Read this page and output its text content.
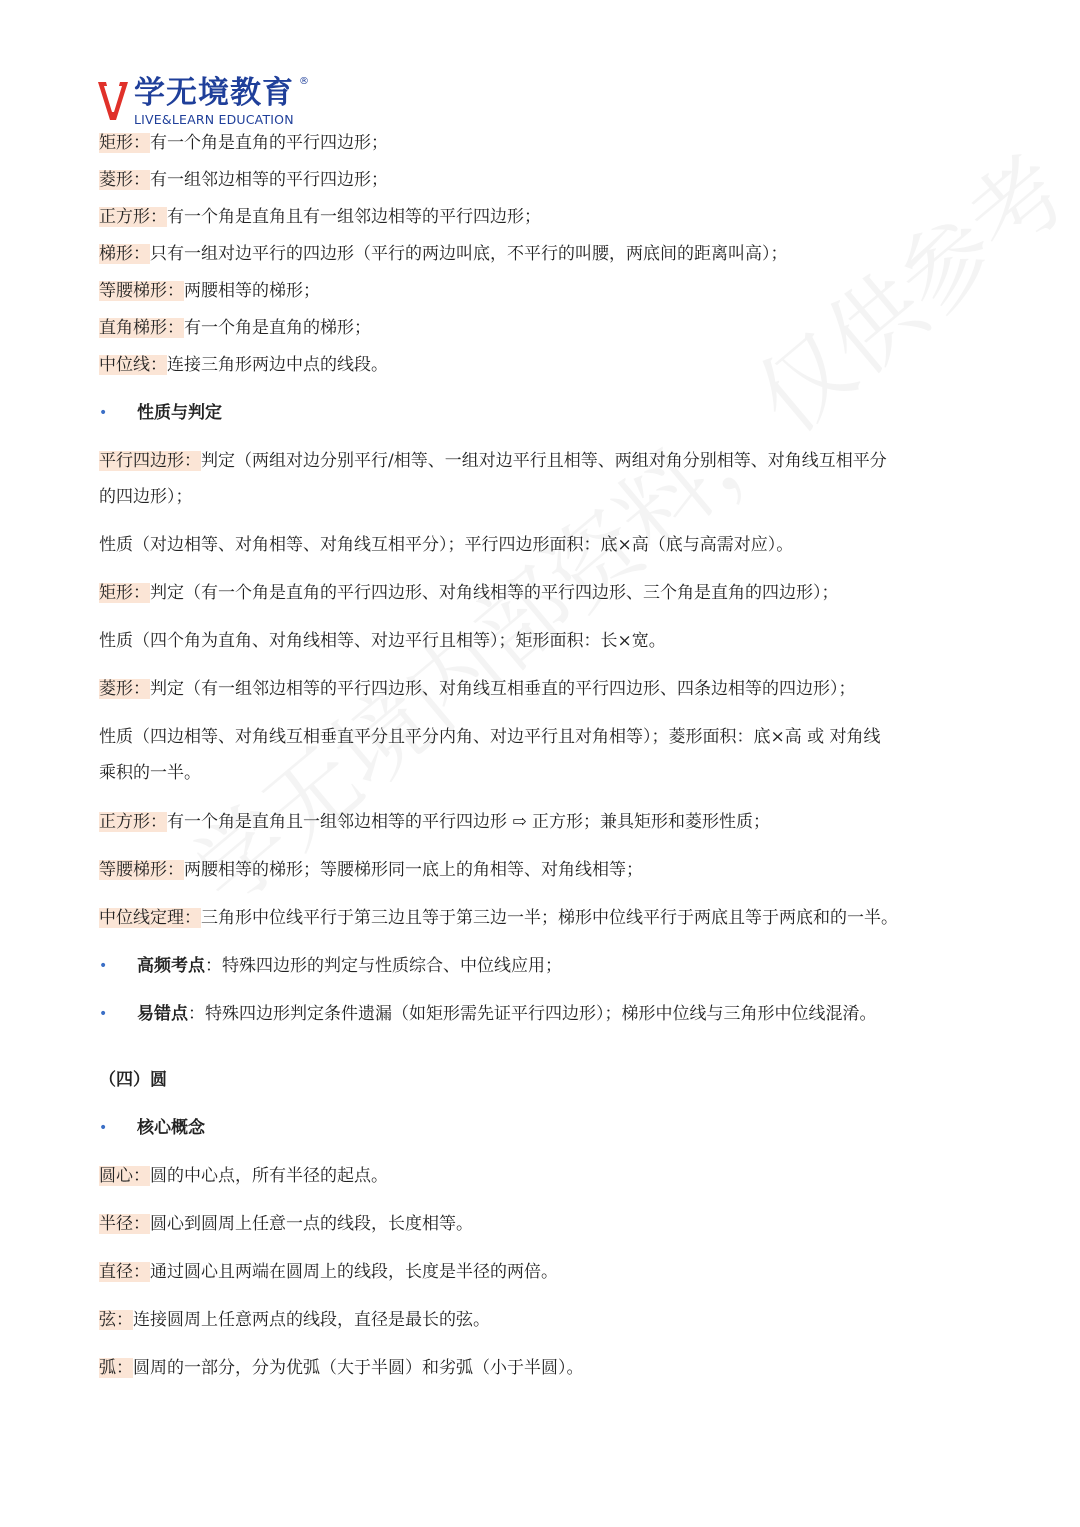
学无境教育 ®
LIVE&LEARN EDUCATION
矩形：有一个角是直角的平行四边形；
菱形：有一组邻边相等的平行四边形；
正方形：有一个角是直角且有一组邻边相等的平行四边形；
梯形：只有一组对边平行的四边形（平行的两边叫底，不平行的叫腰，两底间的距离叫高）；
等腰梯形：两腰相等的梯形；
直角梯形：有一个角是直角的梯形；
中位线：连接三角形两边中点的线段。
• 性质与判定
平行四边形：判定（两组对边分别平行/相等、一组对边平行且相等、两组对角分别相等、对角线互相平分
的四边形）；
性质（对边相等、对角相等、对角线互相平分）；平行四边形面积：底×高（底与高需对应）。
矩形：判定（有一个角是直角的平行四边形、对角线相等的平行四边形、三个角是直角的四边形）；
性质（四个角为直角、对角线相等、对边平行且相等）；矩形面积：长×宽。
菱形：判定（有一组邻边相等的平行四边形、对角线互相垂直的平行四边形、四条边相等的四边形）；
性质（四边相等、对角线互相垂直平分且平分内角、对边平行且对角相等）；菱形面积：底×高 或 对角线
乘积的一半。
正方形：有一个角是直角且一组邻边相等的平行四边形 ⇨ 正方形；兼具矩形和菱形性质；
等腰梯形：两腰相等的梯形；等腰梯形同一底上的角相等、对角线相等；
中位线定理：三角形中位线平行于第三边且等于第三边一半；梯形中位线平行于两底且等于两底和的一半。
• 高频考点：特殊四边形的判定与性质综合、中位线应用；
• 易错点：特殊四边形判定条件遗漏（如矩形需先证平行四边形）；梯形中位线与三角形中位线混淆。
（四）圆
• 核心概念
圆心：圆的中心点，所有半径的起点。
半径：圆心到圆周上任意一点的线段，长度相等。
直径：通过圆心且两端在圆周上的线段，长度是半径的两倍。
弦：连接圆周上任意两点的线段，直径是最长的弦。
弧：圆周的一部分，分为优弧（大于半圆）和劣弧（小于半圆）。
